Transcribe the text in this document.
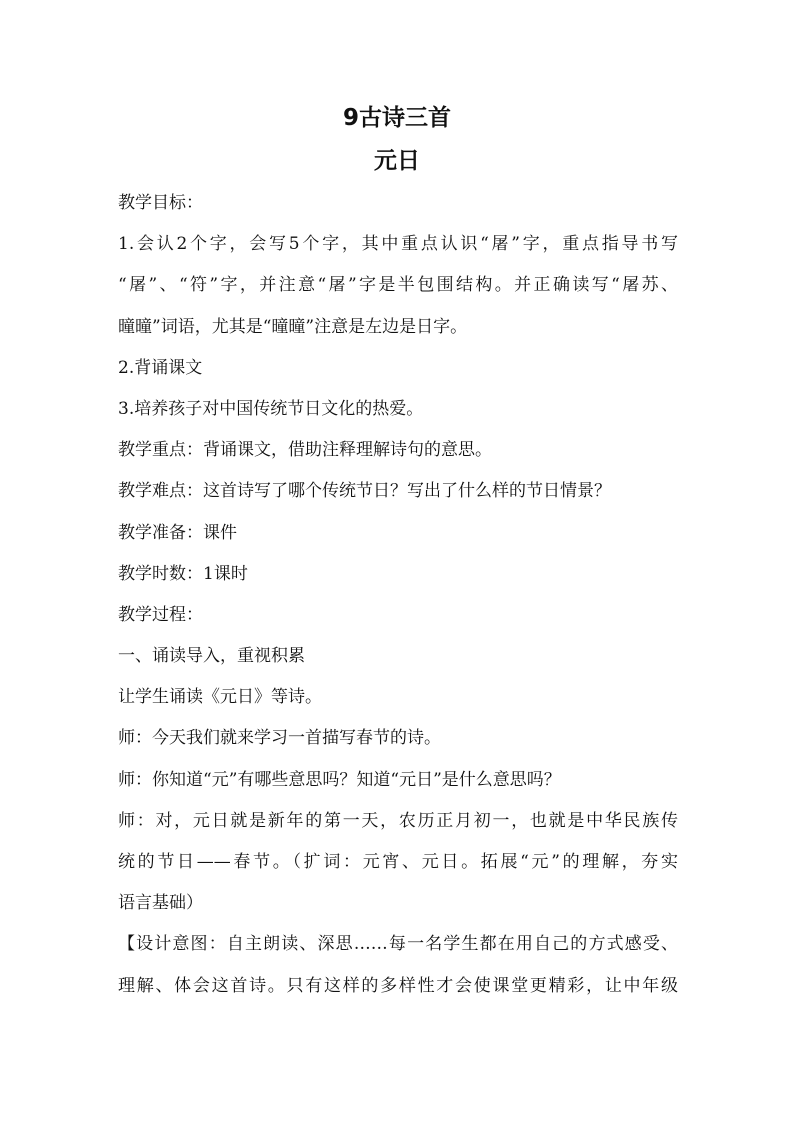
9古诗三首
元日
教学目标：
1.会认2个字，会写5个字，其中重点认识“屠”字，重点指导书写
“屠”、“符”字，并注意“屠”字是半包围结构。并正确读写“屠苏、
曈曈”词语，尤其是“曈曈”注意是左边是日字。
2.背诵课文
3.培养孩子对中国传统节日文化的热爱。
教学重点：背诵课文，借助注释理解诗句的意思。
教学难点：这首诗写了哪个传统节日？写出了什么样的节日情景？
教学准备：课件
教学时数：1课时
教学过程：
一、诵读导入，重视积累
让学生诵读《元日》等诗。
师：今天我们就来学习一首描写春节的诗。
师：你知道“元”有哪些意思吗？知道“元日”是什么意思吗？
师：对，元日就是新年的第一天，农历正月初一，也就是中华民族传
统的节日——春节。（扩词：元宵、元日。拓展“元”的理解，夯实
语言基础）
【设计意图：自主朗读、深思……每一名学生都在用自己的方式感受、
理解、体会这首诗。只有这样的多样性才会使课堂更精彩，让中年级
